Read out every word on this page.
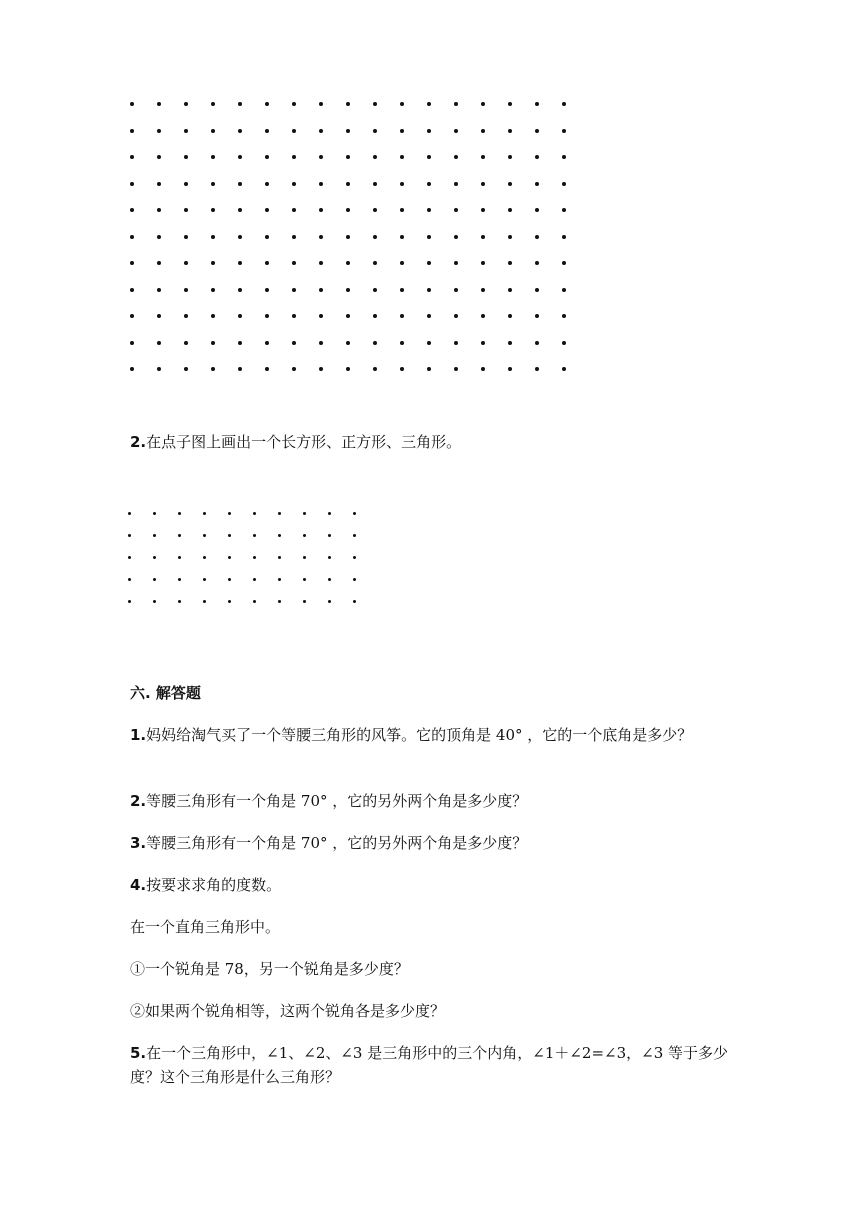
2.在点子图上画出一个长方形、正方形、三角形。

六. 解答题

1.妈妈给淘气买了一个等腰三角形的风筝。它的顶角是 40° ，它的一个底角是多少？

2.等腰三角形有一个角是 70° ，它的另外两个角是多少度？

3.等腰三角形有一个角是 70° ，它的另外两个角是多少度？

4.按要求求角的度数。

在一个直角三角形中。

①一个锐角是 78，另一个锐角是多少度？

②如果两个锐角相等，这两个锐角各是多少度？

5.在一个三角形中，∠1、∠2、∠3 是三角形中的三个内角，∠1＋∠2=∠3，∠3 等于多少度？这个三角形是什么三角形？
